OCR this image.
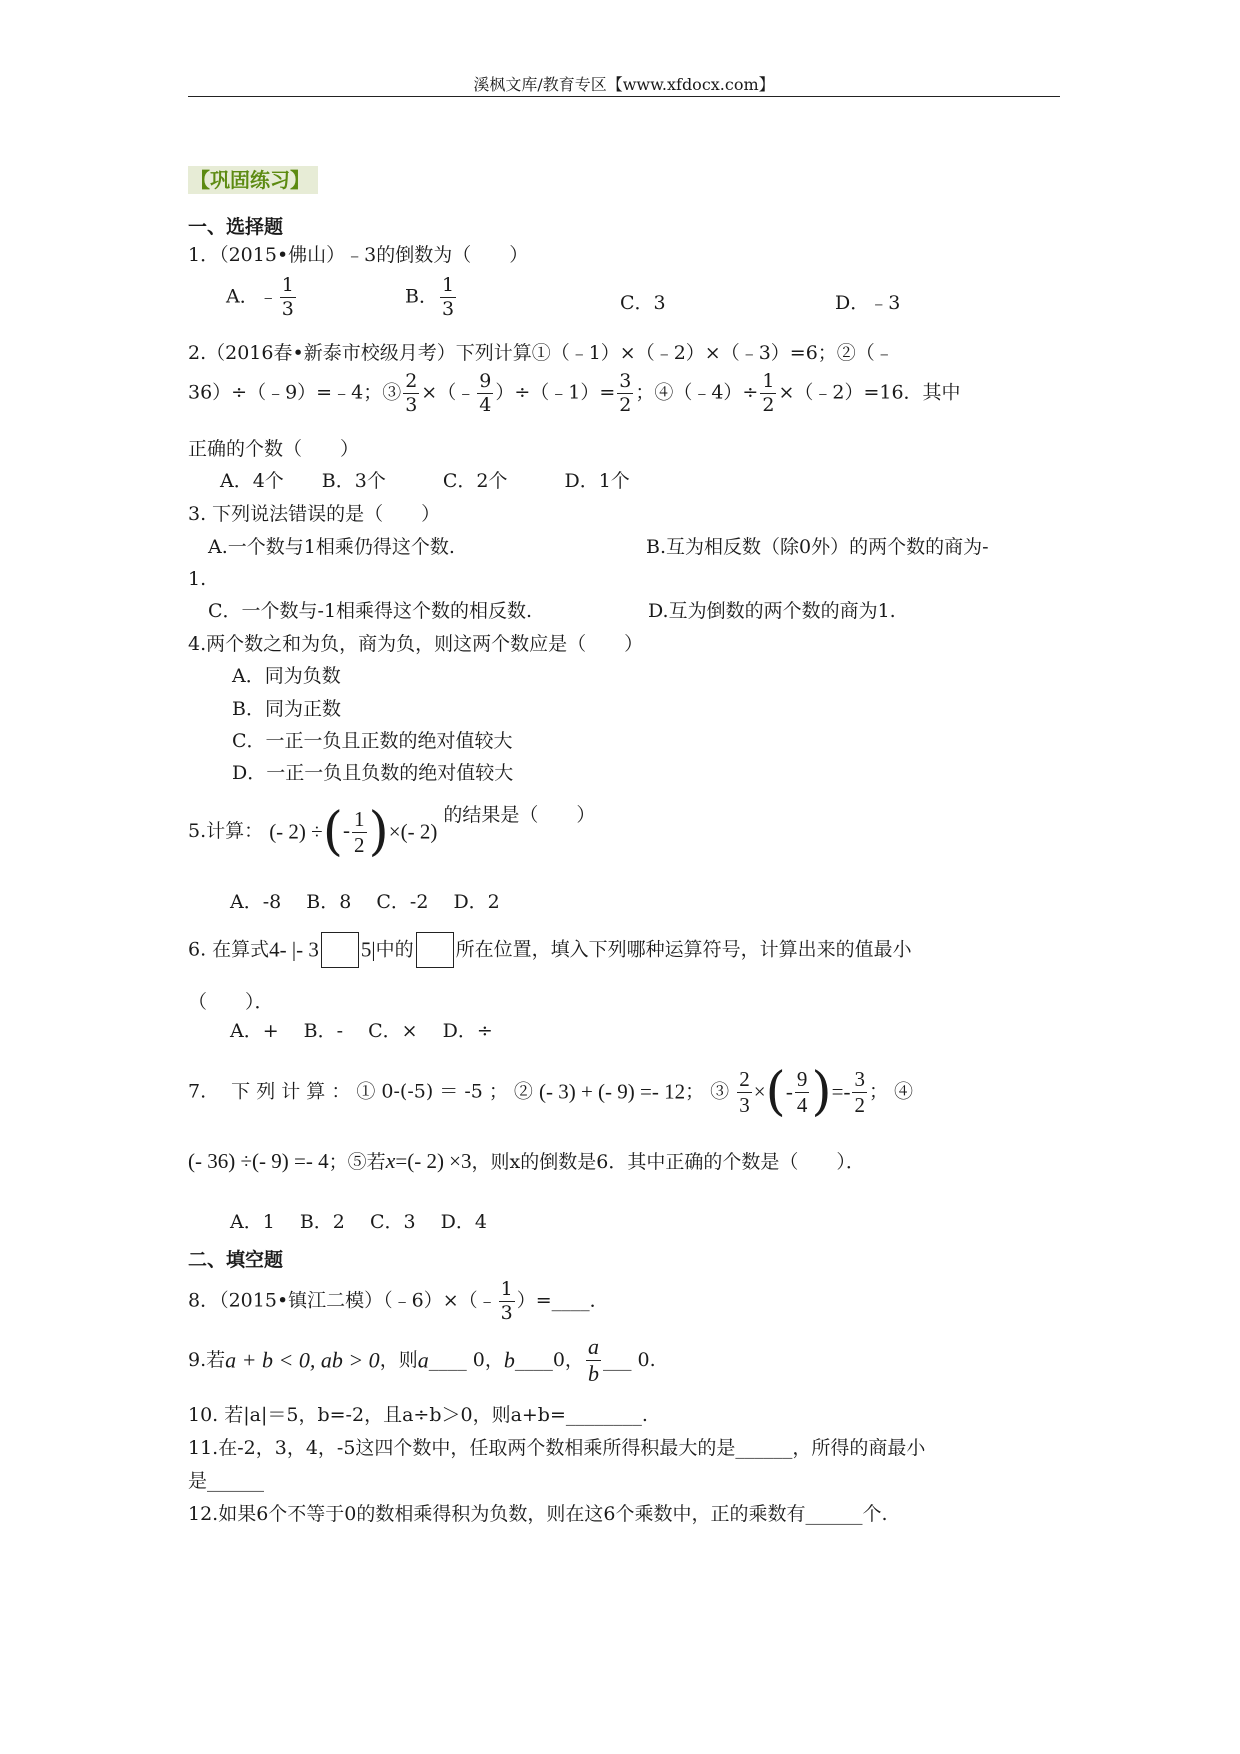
溪枫文库/教育专区【www.xfdocx.com】
【巩固练习】
一、选择题
1．（2015•佛山）﹣3的倒数为（　　）
A．﹣ $\frac{1}{3}$	B． $\frac{1}{3}$	C．3	D．﹣3
2.（2016春•新泰市校级月考）下列计算①（﹣1）×（﹣2）×（﹣3）=6；②（﹣
36）÷（﹣9）=﹣4；③ $\frac{2}{3}$ ×（﹣ $\frac{9}{4}$ ）÷（﹣1）= $\frac{3}{2}$ ；④（﹣4）÷ $\frac{1}{2}$ ×（﹣2）=16．其中
正确的个数（　　）
A．4个　　B．3个　　　C．2个　　　D．1个
3. 下列说法错误的是（　　）
A.一个数与1相乘仍得这个数.	B.互为相反数（除0外）的两个数的商为-
1.
C．一个数与-1相乘得这个数的相反数.	D.互为倒数的两个数的商为1.
4.两个数之和为负，商为负，则这两个数应是（　　）
A．同为负数
B．同为正数
C．一正一负且正数的绝对值较大
D．一正一负且负数的绝对值较大
5.计算： (- 2) ÷(- $\frac{1}{2}$ )×(- 2) 的结果是（　　）
A．-8　 B．8　 C．-2　 D．2
6. 在算式4- |- 3 5|中的 所在位置，填入下列哪种运算符号，计算出来的值最小
（　　）．
A．+　 B．-　 C．×　 D．÷
7.　 下 列 计 算 ： ① 0-(-5) ＝ -5 ； ② (- 3) + (- 9) =- 12； ③ $\frac{2}{3}$ ×(- $\frac{9}{4}$ )=- $\frac{3}{2}$ ； ④
(- 36) ÷(- 9) =- 4；⑤若x=(- 2) ×3，则x的倒数是6．其中正确的个数是（　　）．
A．1　 B．2　 C．3　 D．4
二、填空题
8．（2015•镇江二模）（﹣6）×（﹣ $\frac{1}{3}$ ）=____．
9.若a + b < 0, ab > 0，则a____ 0，b____0， $\frac{a}{b}$ ___ 0.
10. 若|a|＝5，b=-2，且a÷b＞0，则a+b=________.
11.在-2，3，4，-5这四个数中，任取两个数相乘所得积最大的是______，所得的商最小
是______
12.如果6个不等于0的数相乘得积为负数，则在这6个乘数中，正的乘数有______个.
